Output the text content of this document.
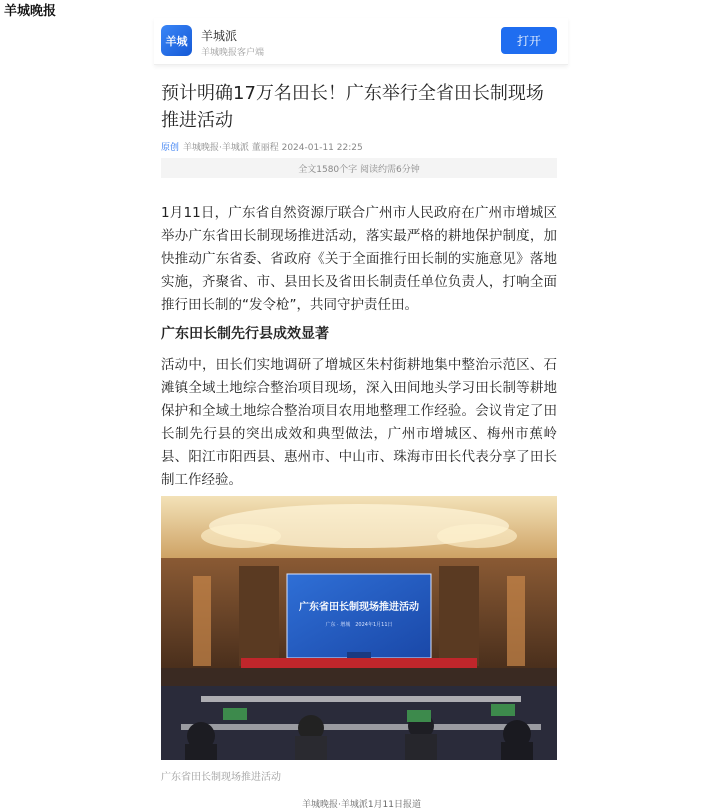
羊城晚报
羊城	羊城派
羊城晚报客户端
打开
预计明确17万名田长！广东举行全省田长制现场推进活动
原创 羊城晚报·羊城派 董丽程 2024-01-11 22:25
全文1580个字 阅读约需6分钟

1月11日，广东省自然资源厅联合广州市人民政府在广州市增城区举办广东省田长制现场推进活动，落实最严格的耕地保护制度，加快推动广东省委、省政府《关于全面推行田长制的实施意见》落地实施，齐聚省、市、县田长及省田长制责任单位负责人，打响全面推行田长制的“发令枪”，共同守护责任田。

广东田长制先行县成效显著

活动中，田长们实地调研了增城区朱村街耕地集中整治示范区、石滩镇全域土地综合整治项目现场，深入田间地头学习田长制等耕地保护和全域土地综合整治项目农用地整理工作经验。会议肯定了田长制先行县的突出成效和典型做法，广州市增城区、梅州市蕉岭县、阳江市阳西县、惠州市、中山市、珠海市田长代表分享了田长制工作经验。

广东省田长制现场推进活动
广东 · 增城　2024年1月11日
广东省田长制现场推进活动
羊城晚报·羊城派1月11日报道
